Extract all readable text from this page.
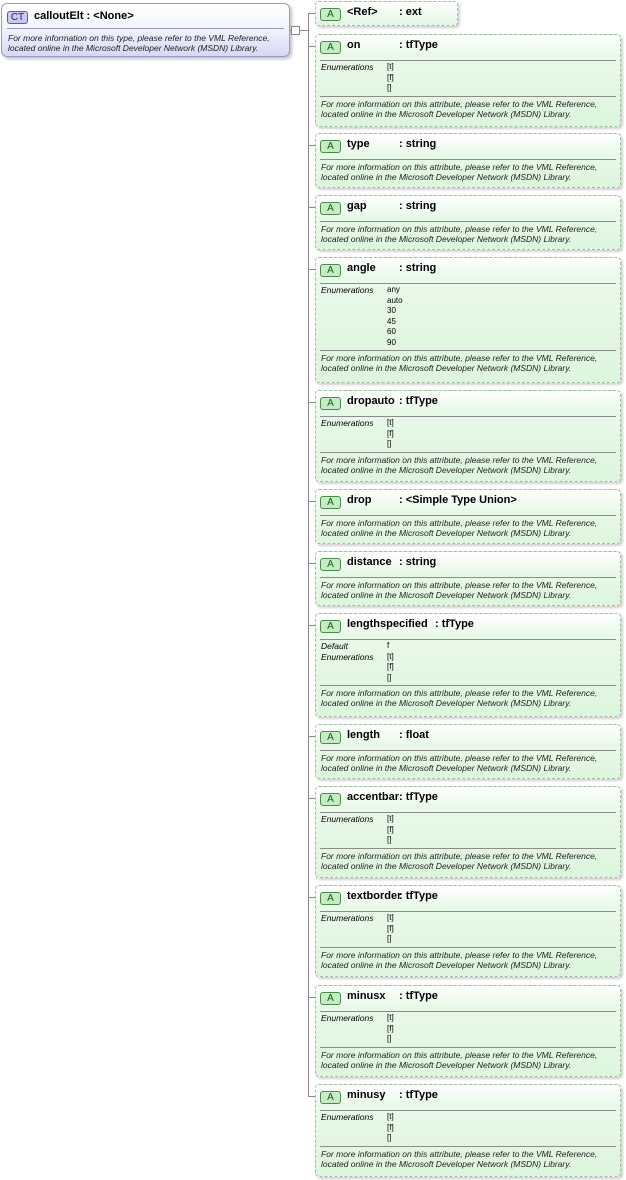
CT calloutElt : <None>
For more information on this type, please refer to the VML Reference, located online in the Microsoft Developer Network (MSDN) Library.
A	<Ref> : ext
A	on	: tfType
Enumerations [t]
[f]
[]
For more information on this attribute, please refer to the VML Reference, located online in the Microsoft Developer Network (MSDN) Library.
A	type	: string
For more information on this attribute, please refer to the VML Reference, located online in the Microsoft Developer Network (MSDN) Library.
A	gap	: string
For more information on this attribute, please refer to the VML Reference, located online in the Microsoft Developer Network (MSDN) Library.
A	angle : string
Enumerations any
auto
30
45
60
90
For more information on this attribute, please refer to the VML Reference, located online in the Microsoft Developer Network (MSDN) Library.
A	dropauto : tfType
Enumerations [t]
[f]
[]
For more information on this attribute, please refer to the VML Reference, located online in the Microsoft Developer Network (MSDN) Library.
A	drop	: <Simple Type Union>
For more information on this attribute, please refer to the VML Reference, located online in the Microsoft Developer Network (MSDN) Library.
A	distance : string
For more information on this attribute, please refer to the VML Reference, located online in the Microsoft Developer Network (MSDN) Library.
A	lengthspecified : tfType
Default	f
Enumerations [t]
[f]
[]
For more information on this attribute, please refer to the VML Reference, located online in the Microsoft Developer Network (MSDN) Library.
A	length : float
For more information on this attribute, please refer to the VML Reference, located online in the Microsoft Developer Network (MSDN) Library.
A	accentbar : tfType
Enumerations [t]
[f]
[]
For more information on this attribute, please refer to the VML Reference, located online in the Microsoft Developer Network (MSDN) Library.
A	textborder
: tfType
Enumerations [t]
[f]
[]
For more information on this attribute, please refer to the VML Reference, located online in the Microsoft Developer Network (MSDN) Library.
A	minusx : tfType
Enumerations [t]
[f]
[]
For more information on this attribute, please refer to the VML Reference, located online in the Microsoft Developer Network (MSDN) Library.
A	minusy : tfType
Enumerations [t]
[f]
[]
For more information on this attribute, please refer to the VML Reference, located online in the Microsoft Developer Network (MSDN) Library.
